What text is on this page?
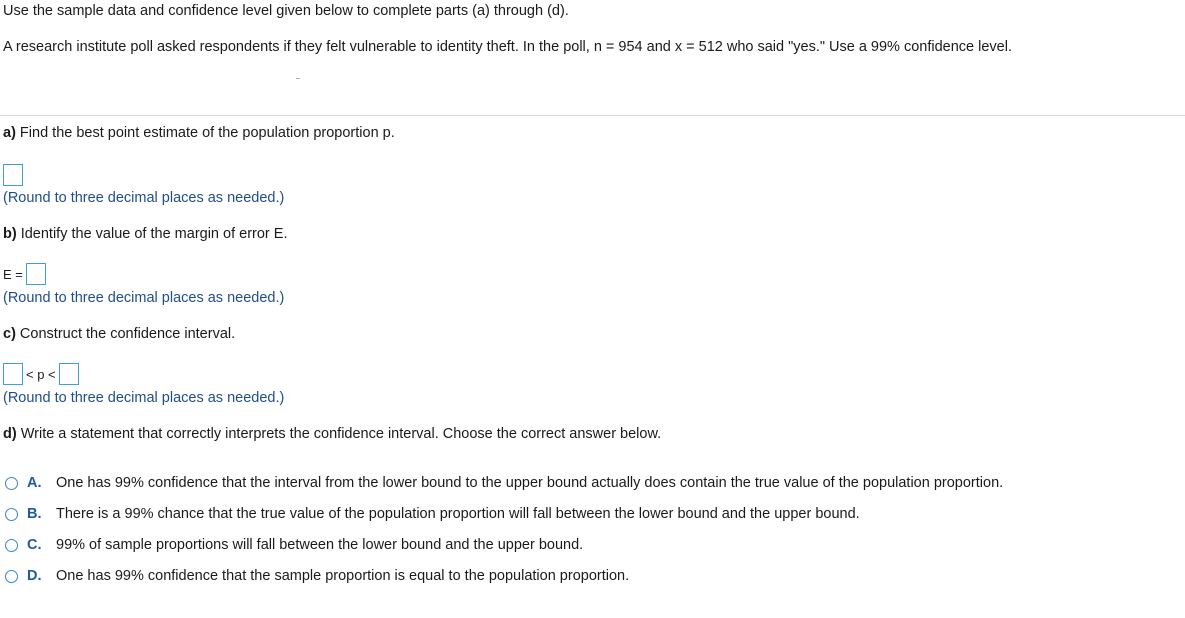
Use the sample data and confidence level given below to complete parts (a) through (d).
A research institute poll asked respondents if they felt vulnerable to identity theft. In the poll, n = 954 and x = 512 who said "yes." Use a 99% confidence level.
a) Find the best point estimate of the population proportion p.
(Round to three decimal places as needed.)
b) Identify the value of the margin of error E.
E =
(Round to three decimal places as needed.)
c) Construct the confidence interval.
< p <
(Round to three decimal places as needed.)
d) Write a statement that correctly interprets the confidence interval. Choose the correct answer below.
A.	One has 99% confidence that the interval from the lower bound to the upper bound actually does contain the true value of the population proportion.
B.	There is a 99% chance that the true value of the population proportion will fall between the lower bound and the upper bound.
C.	99% of sample proportions will fall between the lower bound and the upper bound.
D.	One has 99% confidence that the sample proportion is equal to the population proportion.
